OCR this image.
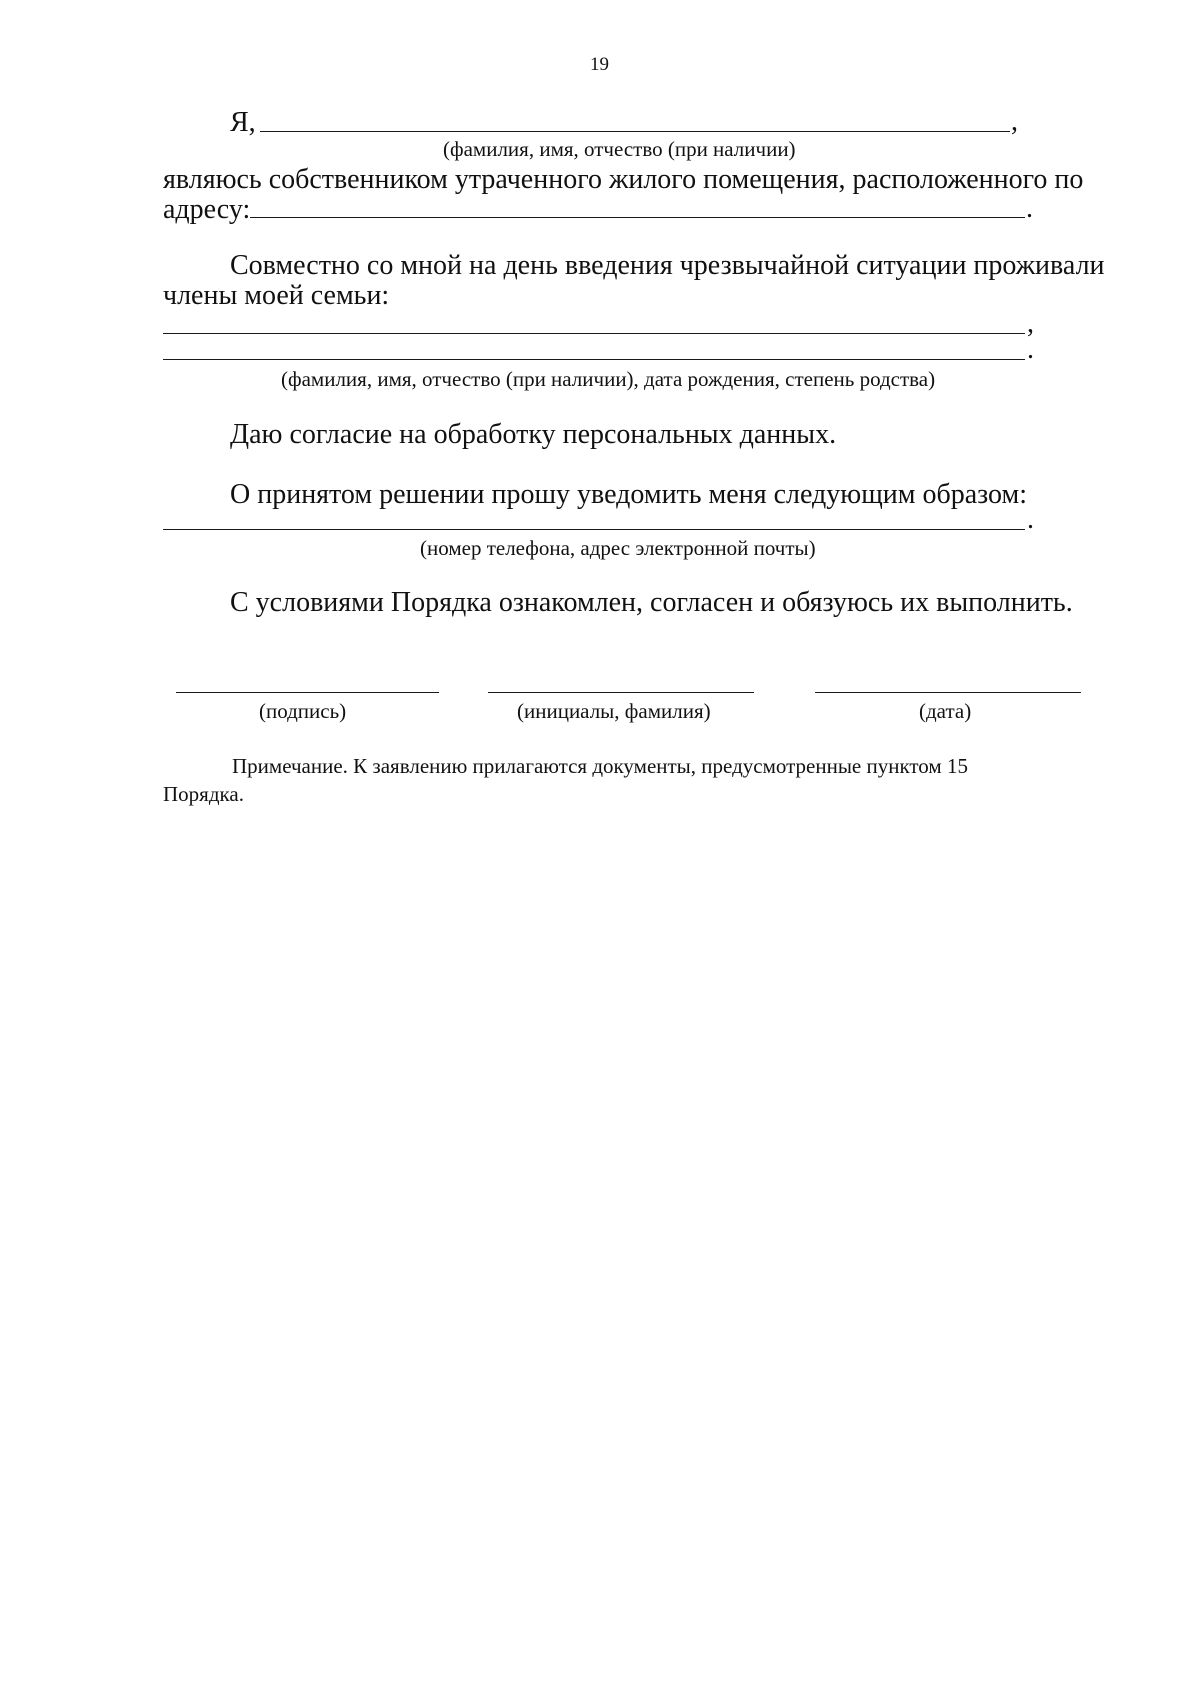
19
Я,	,
(фамилия, имя, отчество (при наличии)
являюсь собственником утраченного жилого помещения, расположенного по
адресу:	.
Совместно со мной на день введения чрезвычайной ситуации проживали
члены моей семьи:
,
.
(фамилия, имя, отчество (при наличии), дата рождения, степень родства)
Даю согласие на обработку персональных данных.
О принятом решении прошу уведомить меня следующим образом:
.
(номер телефона, адрес электронной почты)
С условиями Порядка ознакомлен, согласен и обязуюсь их выполнить.
(подпись)	(инициалы, фамилия)	(дата)
Примечание. К заявлению прилагаются документы, предусмотренные пунктом 15
Порядка.
